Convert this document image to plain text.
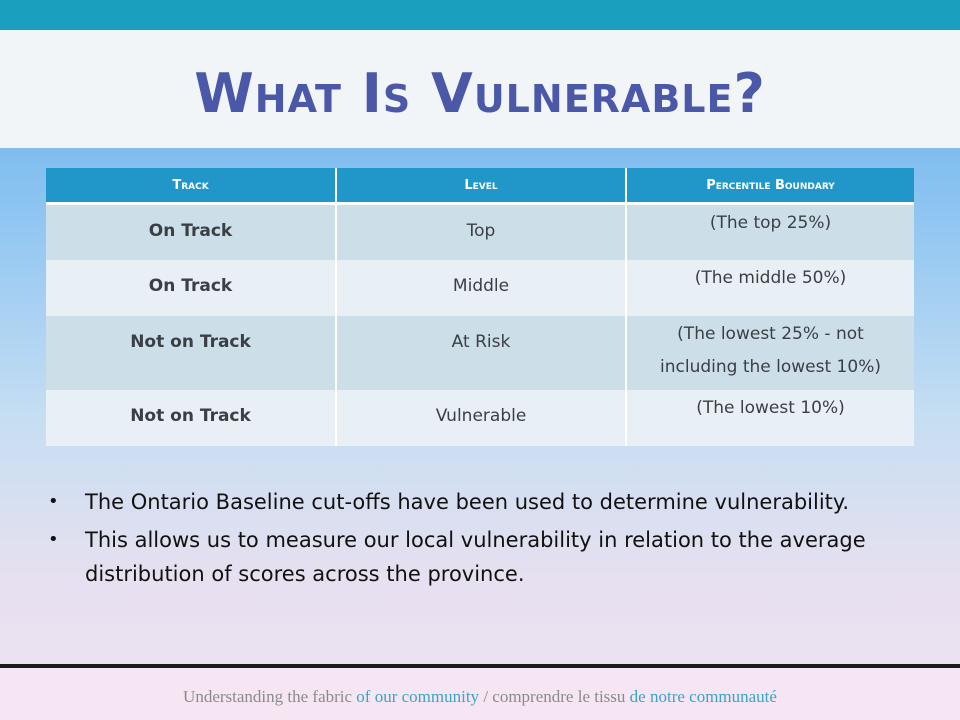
What Is Vulnerable?
Track	Level	Percentile Boundary
On Track	Top	(The top 25%)

On Track	Middle	(The middle 50%)

Not on Track	At Risk	(The lowest 25% - not
including the lowest 10%)

Not on Track	Vulnerable	(The lowest 10%)
• The Ontario Baseline cut-offs have been used to determine vulnerability.
• This allows us to measure our local vulnerability in relation to the average distribution of scores across the province.
Understanding the fabric of our community / comprendre le tissu de notre communauté
